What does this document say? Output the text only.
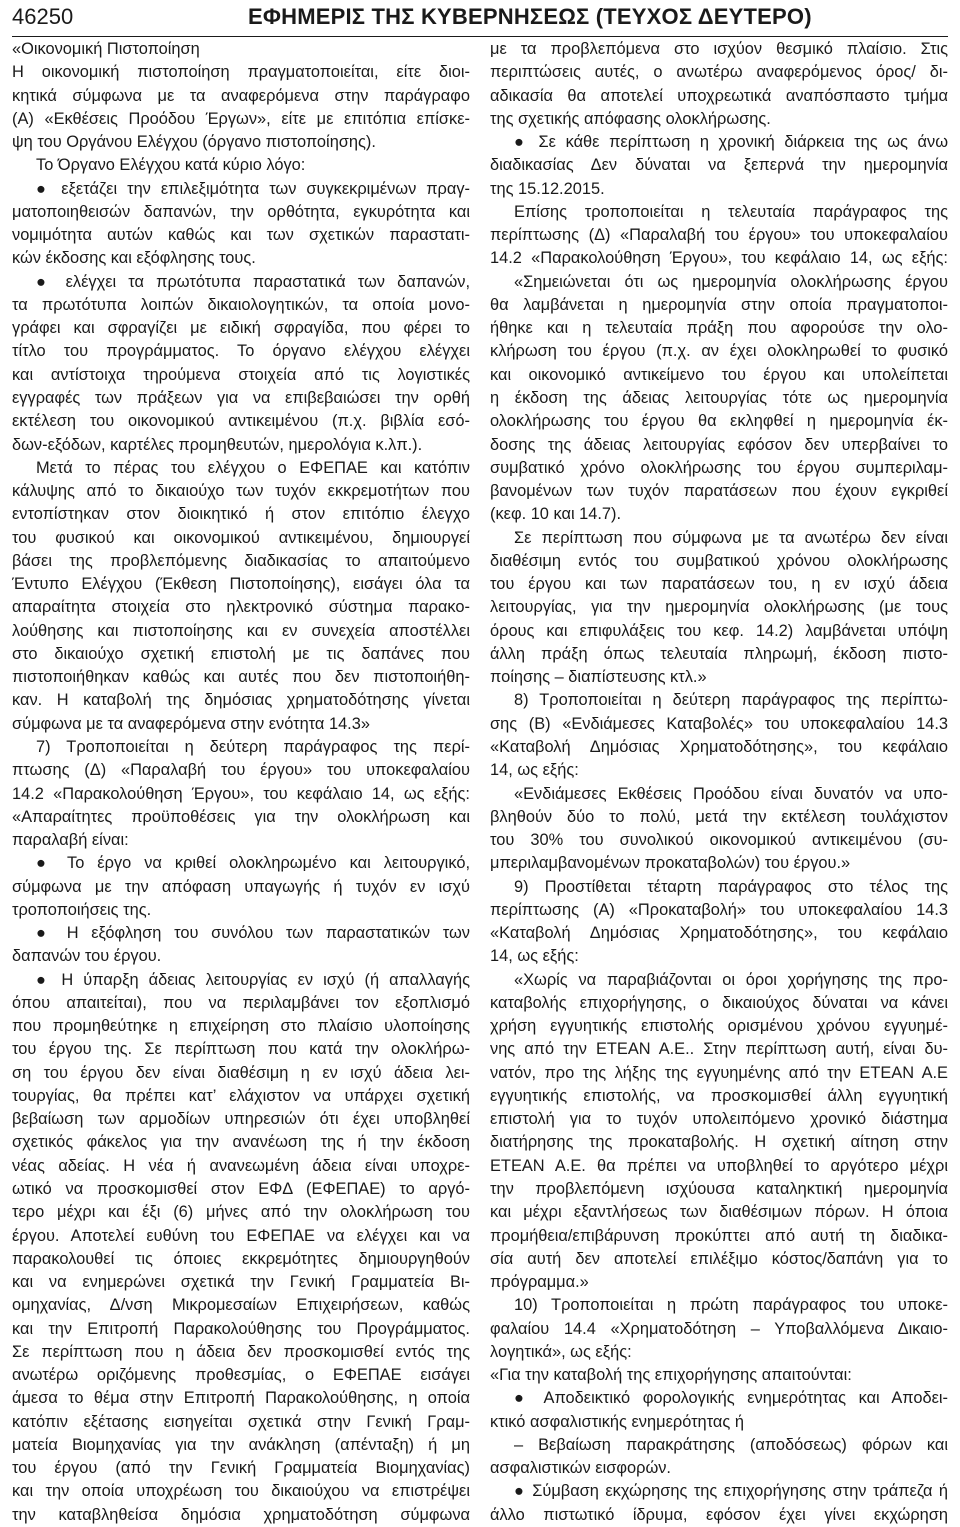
46250	ΕΦΗΜΕΡΙΣ ΤΗΣ ΚΥΒΕΡΝΗΣΕΩΣ (ΤΕΥΧΟΣ ΔΕΥΤΕΡΟ)
«Οικονομική Πιστοποίηση
Η οικονομική πιστοποίηση πραγματοποιείται, είτε διοι-
κητικά σύμφωνα με τα αναφερόμενα στην παράγραφο
(Α) «Εκθέσεις Προόδου Έργων», είτε με επιτόπια επίσκε-
ψη του Οργάνου Ελέγχου (όργανο πιστοποίησης).
Το Όργανο Ελέγχου κατά κύριο λόγο:
● εξετάζει την επιλεξιμότητα των συγκεκριμένων πραγ-
ματοποιηθεισών δαπανών, την ορθότητα, εγκυρότητα και
νομιμότητα αυτών καθώς και των σχετικών παραστατι-
κών έκδοσης και εξόφλησης τους.
● ελέγχει τα πρωτότυπα παραστατικά των δαπανών,
τα πρωτότυπα λοιπών δικαιολογητικών, τα οποία μονο-
γράφει και σφραγίζει με ειδική σφραγίδα, που φέρει το
τίτλο του προγράμματος. Το όργανο ελέγχου ελέγχει
και αντίστοιχα τηρούμενα στοιχεία από τις λογιστικές
εγγραφές των πράξεων για να επιβεβαιώσει την ορθή
εκτέλεση του οικονομικού αντικειμένου (π.χ. βιβλία εσό-
δων-εξόδων, καρτέλες προμηθευτών, ημερολόγια κ.λπ.).
Μετά το πέρας του ελέγχου ο ΕΦΕΠΑΕ και κατόπιν
κάλυψης από το δικαιούχο των τυχόν εκκρεμοτήτων που
εντοπίστηκαν στον διοικητικό ή στον επιτόπιο έλεγχο
του φυσικού και οικονομικού αντικειμένου, δημιουργεί
βάσει της προβλεπόμενης διαδικασίας το απαιτούμενο
Έντυπο Ελέγχου (Έκθεση Πιστοποίησης), εισάγει όλα τα
απαραίτητα στοιχεία στο ηλεκτρονικό σύστημα παρακο-
λούθησης και πιστοποίησης και εν συνεχεία αποστέλλει
στο δικαιούχο σχετική επιστολή με τις δαπάνες που
πιστοποιήθηκαν καθώς και αυτές που δεν πιστοποιήθη-
καν. Η καταβολή της δημόσιας χρηματοδότησης γίνεται
σύμφωνα με τα αναφερόμενα στην ενότητα 14.3»
7) Τροποποιείται η δεύτερη παράγραφος της περί-
πτωσης (Δ) «Παραλαβή του έργου» του υποκεφαλαίου
14.2 «Παρακολούθηση Έργου», του κεφάλαιο 14, ως εξής:
«Απαραίτητες προϋποθέσεις για την ολοκλήρωση και
παραλαβή είναι:
● Το έργο να κριθεί ολοκληρωμένο και λειτουργικό,
σύμφωνα με την απόφαση υπαγωγής ή τυχόν εν ισχύ
τροποποιήσεις της.
● Η εξόφληση του συνόλου των παραστατικών των
δαπανών του έργου.
● Η ύπαρξη άδειας λειτουργίας εν ισχύ (ή απαλλαγής
όπου απαιτείται), που να περιλαμβάνει τον εξοπλισμό
που προμηθεύτηκε η επιχείρηση στο πλαίσιο υλοποίησης
του έργου της. Σε περίπτωση που κατά την ολοκλήρω-
ση του έργου δεν είναι διαθέσιμη η εν ισχύ άδεια λει-
τουργίας, θα πρέπει κατ’ ελάχιστον να υπάρχει σχετική
βεβαίωση των αρμοδίων υπηρεσιών ότι έχει υποβληθεί
σχετικός φάκελος για την ανανέωση της ή την έκδοση
νέας αδείας. Η νέα ή ανανεωμένη άδεια είναι υποχρε-
ωτικό να προσκομισθεί στον ΕΦΔ (ΕΦΕΠΑΕ) το αργό-
τερο μέχρι και έξι (6) μήνες από την ολοκλήρωση του
έργου. Αποτελεί ευθύνη του ΕΦΕΠΑΕ να ελέγχει και να
παρακολουθεί τις όποιες εκκρεμότητες δημιουργηθούν
και να ενημερώνει σχετικά την Γενική Γραμματεία Βι-
ομηχανίας, Δ/νση Μικρομεσαίων Επιχειρήσεων, καθώς
και την Επιτροπή Παρακολούθησης του Προγράμματος.
Σε περίπτωση που η άδεια δεν προσκομισθεί εντός της
ανωτέρω οριζόμενης προθεσμίας, ο ΕΦΕΠΑΕ εισάγει
άμεσα το θέμα στην Επιτροπή Παρακολούθησης, η οποία
κατόπιν εξέτασης εισηγείται σχετικά στην Γενική Γραμ-
ματεία Βιομηχανίας για την ανάκληση (απένταξη) ή μη
του έργου (από την Γενική Γραμματεία Βιομηχανίας)
και την οποία υποχρέωση του δικαιούχου να επιστρέψει
την καταβληθείσα δημόσια χρηματοδότηση σύμφωνα
με τα προβλεπόμενα στο ισχύον θεσμικό πλαίσιο. Στις
περιπτώσεις αυτές, ο ανωτέρω αναφερόμενος όρος/ δι-
αδικασία θα αποτελεί υποχρεωτικά αναπόσπαστο τμήμα
της σχετικής απόφασης ολοκλήρωσης.
● Σε κάθε περίπτωση η χρονική διάρκεια της ως άνω
διαδικασίας Δεν δύναται να ξεπερνά την ημερομηνία
της 15.12.2015.
Επίσης τροποποιείται η τελευταία παράγραφος της
περίπτωσης (Δ) «Παραλαβή του έργου» του υποκεφαλαίου
14.2 «Παρακολούθηση Έργου», του κεφάλαιο 14, ως εξής:
«Σημειώνεται ότι ως ημερομηνία ολοκλήρωσης έργου
θα λαμβάνεται η ημερομηνία στην οποία πραγματοποι-
ήθηκε και η τελευταία πράξη που αφορούσε την ολο-
κλήρωση του έργου (π.χ. αν έχει ολοκληρωθεί το φυσικό
και οικονομικό αντικείμενο του έργου και υπολείπεται
η έκδοση της άδειας λειτουργίας τότε ως ημερομηνία
ολοκλήρωσης του έργου θα εκληφθεί η ημερομηνία έκ-
δοσης της άδειας λειτουργίας εφόσον δεν υπερβαίνει το
συμβατικό χρόνο ολοκλήρωσης του έργου συμπεριλαμ-
βανομένων των τυχόν παρατάσεων που έχουν εγκριθεί
(κεφ. 10 και 14.7).
Σε περίπτωση που σύμφωνα με τα ανωτέρω δεν είναι
διαθέσιμη εντός του συμβατικού χρόνου ολοκλήρωσης
του έργου και των παρατάσεων του, η εν ισχύ άδεια
λειτουργίας, για την ημερομηνία ολοκλήρωσης (με τους
όρους και επιφυλάξεις του κεφ. 14.2) λαμβάνεται υπόψη
άλλη πράξη όπως τελευταία πληρωμή, έκδοση πιστο-
ποίησης – διαπίστευσης κτλ.»
8) Τροποποιείται η δεύτερη παράγραφος της περίπτω-
σης (Β) «Ενδιάμεσες Καταβολές» του υποκεφαλαίου 14.3
«Καταβολή Δημόσιας Χρηματοδότησης», του κεφάλαιο
14, ως εξής:
«Ενδιάμεσες Εκθέσεις Προόδου είναι δυνατόν να υπο-
βληθούν δύο το πολύ, μετά την εκτέλεση τουλάχιστον
του 30% του συνολικού οικονομικού αντικειμένου (συ-
μπεριλαμβανομένων προκαταβολών) του έργου.»
9) Προστίθεται τέταρτη παράγραφος στο τέλος της
περίπτωσης (Α) «Προκαταβολή» του υποκεφαλαίου 14.3
«Καταβολή Δημόσιας Χρηματοδότησης», του κεφάλαιο
14, ως εξής:
«Χωρίς να παραβιάζονται οι όροι χορήγησης της προ-
καταβολής επιχορήγησης, ο δικαιούχος δύναται να κάνει
χρήση εγγυητικής επιστολής ορισμένου χρόνου εγγυημέ-
νης από την ΕΤΕΑΝ Α.Ε.. Στην περίπτωση αυτή, είναι δυ-
νατόν, προ της λήξης της εγγυημένης από την ΕΤΕΑΝ Α.Ε
εγγυητικής επιστολής, να προσκομισθεί άλλη εγγυητική
επιστολή για το τυχόν υπολειπόμενο χρονικό διάστημα
διατήρησης της προκαταβολής. Η σχετική αίτηση στην
ΕΤΕΑΝ Α.Ε. θα πρέπει να υποβληθεί το αργότερο μέχρι
την προβλεπόμενη ισχύουσα καταληκτική ημερομηνία
και μέχρι εξαντλήσεως των διαθέσιμων πόρων. Η όποια
προμήθεια/επιβάρυνση προκύπτει από αυτή τη διαδικα-
σία αυτή δεν αποτελεί επιλέξιμο κόστος/δαπάνη για το
πρόγραμμα.»
10) Τροποποιείται η πρώτη παράγραφος του υποκε-
φαλαίου 14.4 «Χρηματοδότηση – Υποβαλλόμενα Δικαιο-
λογητικά», ως εξής:
«Για την καταβολή της επιχορήγησης απαιτούνται:
● Αποδεικτικό φορολογικής ενημερότητας και Αποδει-
κτικό ασφαλιστικής ενημερότητας ή
– Βεβαίωση παρακράτησης (αποδόσεως) φόρων και
ασφαλιστικών εισφορών.
● Σύμβαση εκχώρησης της επιχορήγησης στην τράπεζα ή
άλλο πιστωτικό ίδρυμα, εφόσον έχει γίνει εκχώρηση
